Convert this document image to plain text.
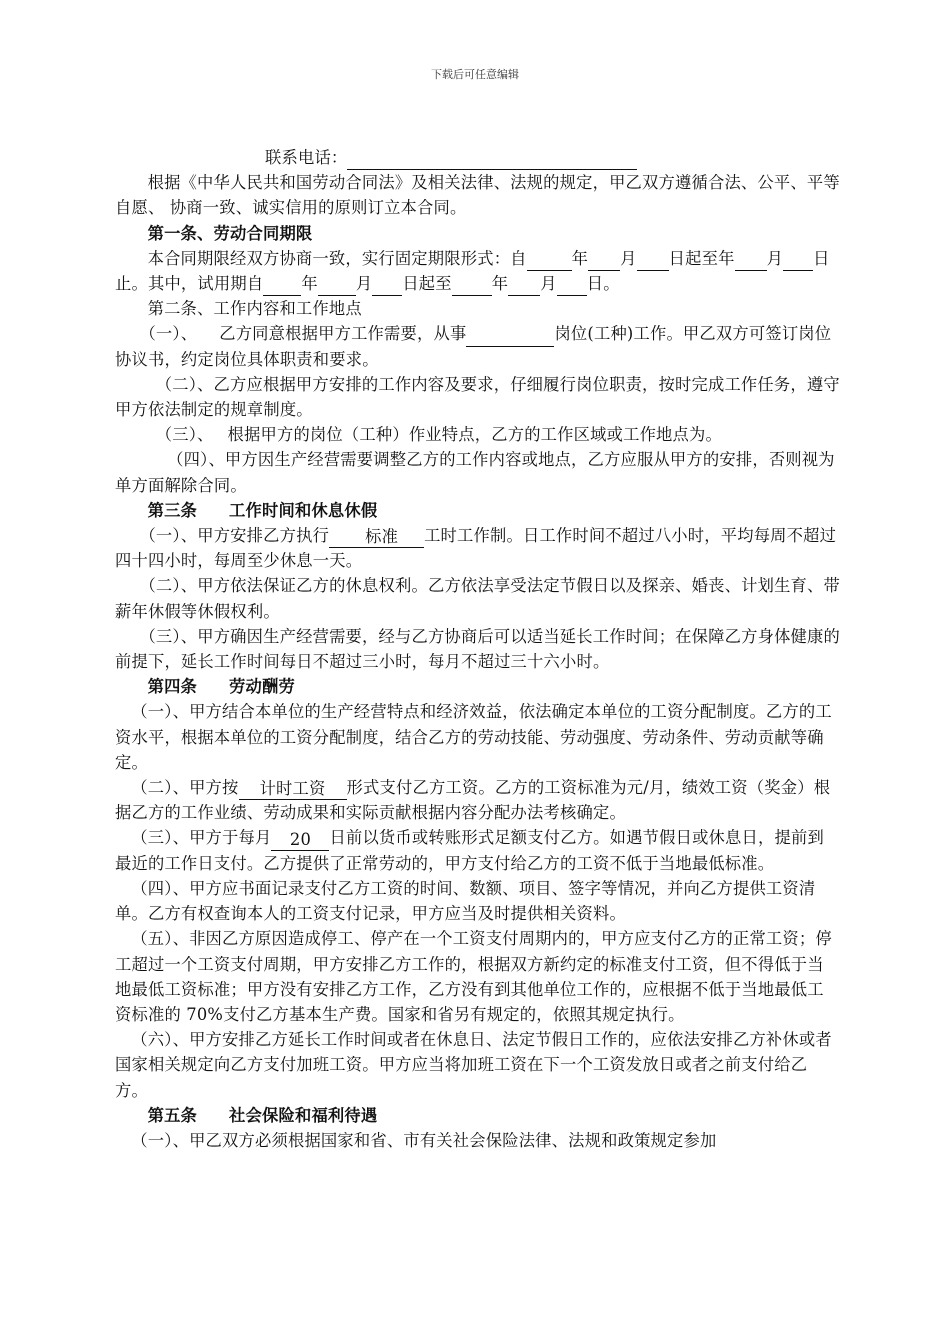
下载后可任意编辑

联系电话：

根据《中华人民共和国劳动合同法》及相关法律、法规的规定，甲乙双方遵循合法、公平、平等自愿、 协商一致、诚实信用的原则订立本合同。

第一条、劳动合同期限

本合同期限经双方协商一致，实行固定期限形式：自	年 月 日起至年 月 日止。其中，试用期自 年 月 日起至 年 月 日。

第二条、工作内容和工作地点

（一）、 乙方同意根据甲方工作需要，从事	岗位(工种)工作。甲乙双方可签订岗位协议书，约定岗位具体职责和要求。

（二）、乙方应根据甲方安排的工作内容及要求，仔细履行岗位职责，按时完成工作任务，遵守甲方依法制定的规章制度。

（三）、 根据甲方的岗位（工种）作业特点，乙方的工作区域或工作地点为。

（四）、甲方因生产经营需要调整乙方的工作内容或地点，乙方应服从甲方的安排，否则视为单方面解除合同。

第三条 工作时间和休息休假

（一）、甲方安排乙方执行 标准 工时工作制。日工作时间不超过八小时，平均每周不超过四十四小时，每周至少休息一天。

（二）、甲方依法保证乙方的休息权利。乙方依法享受法定节假日以及探亲、婚丧、计划生育、带薪年休假等休假权利。

（三）、甲方确因生产经营需要，经与乙方协商后可以适当延长工作时间；在保障乙方身体健康的前提下，延长工作时间每日不超过三小时，每月不超过三十六小时。

第四条 劳动酬劳

（一）、甲方结合本单位的生产经营特点和经济效益，依法确定本单位的工资分配制度。乙方的工资水平，根据本单位的工资分配制度，结合乙方的劳动技能、劳动强度、劳动条件、劳动贡献等确定。

（二）、甲方按 计时工资 形式支付乙方工资。乙方的工资标准为元/月，绩效工资（奖金）根据乙方的工作业绩、劳动成果和实际贡献根据内容分配办法考核确定。

（三）、甲方于每月 20 日前以货币或转账形式足额支付乙方。如遇节假日或休息日，提前到最近的工作日支付。乙方提供了正常劳动的，甲方支付给乙方的工资不低于当地最低标准。

（四）、甲方应书面记录支付乙方工资的时间、数额、项目、签字等情况，并向乙方提供工资清单。乙方有权查询本人的工资支付记录，甲方应当及时提供相关资料。

（五）、非因乙方原因造成停工、停产在一个工资支付周期内的，甲方应支付乙方的正常工资；停工超过一个工资支付周期，甲方安排乙方工作的，根据双方新约定的标准支付工资，但不得低于当地最低工资标准；甲方没有安排乙方工作，乙方没有到其他单位工作的，应根据不低于当地最低工资标准的 70%支付乙方基本生产费。国家和省另有规定的，依照其规定执行。

（六）、甲方安排乙方延长工作时间或者在休息日、法定节假日工作的，应依法安排乙方补休或者国家相关规定向乙方支付加班工资。甲方应当将加班工资在下一个工资发放日或者之前支付给乙方。

第五条 社会保险和福利待遇

（一）、甲乙双方必须根据国家和省、市有关社会保险法律、法规和政策规定参加
